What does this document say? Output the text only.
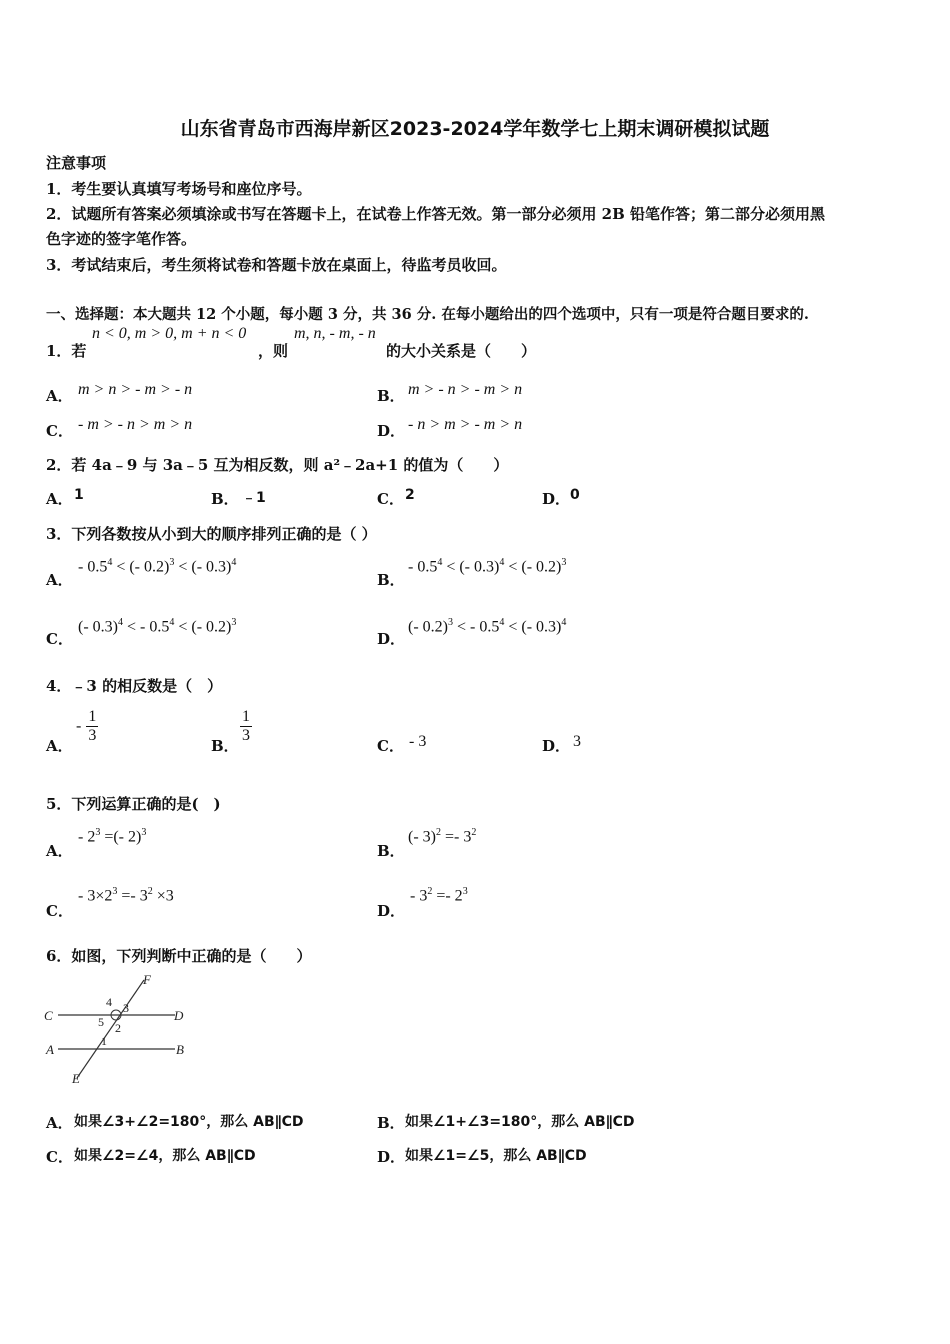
山东省青岛市西海岸新区2023-2024学年数学七上期末调研模拟试题
注意事项
1．考生要认真填写考场号和座位序号。
2．试题所有答案必须填涂或书写在答题卡上，在试卷上作答无效。第一部分必须用 2B 铅笔作答；第二部分必须用黑
色字迹的签字笔作答。
3．考试结束后，考生须将试卷和答题卡放在桌面上，待监考员收回。
一、选择题：本大题共 12 个小题，每小题 3 分，共 36 分. 在每小题给出的四个选项中，只有一项是符合题目要求的.
1．若
n < 0, m > 0, m + n < 0
，则
m, n, - m, - n
的大小关系是（　　）
A． m > n > - m > - n	B． m > - n > - m > n
C． - m > - n > m > n	D． - n > m > - m > n
2．若 4a﹣9 与 3a﹣5 互为相反数，则 a²﹣2a+1 的值为（　　）
A． 1	B． ﹣1	C． 2	D． 0
3．下列各数按从小到大的顺序排列正确的是（ ）
A．
- $0.5^4$ < (- 0.2)$^3$ < (- 0.3)$^4$
B．
- $0.5^4$ < (- 0.3)$^4$ < (- 0.2)$^3$
C．
(- 0.3)$^4$ < - $0.5^4$ < (- 0.2)$^3$
D．
(- 0.2)$^3$ < - $0.5^4$ < (- 0.3)$^4$
4．﹣3 的相反数是（　）
A．
- $\frac{1}{3}$
B．
$\frac{1}{3}$
C． - 3	D． 3
5．下列运算正确的是(　)
A．
- $2^3$ =(- 2)$^3$
B．
(- $3)^2 =- 3^2$
C．
- $3\times 2^3 =- 3^2 \times 3$
D．
- $3^2 =- 2^3$
6．如图，下列判断中正确的是（　　）
F
C	D
A	B
E
4 3
5 2
1
A． 如果∠3+∠2=180°，那么 AB∥CD	B． 如果∠1+∠3=180°，那么 AB∥CD
C． 如果∠2=∠4，那么 AB∥CD	D． 如果∠1=∠5，那么 AB∥CD
